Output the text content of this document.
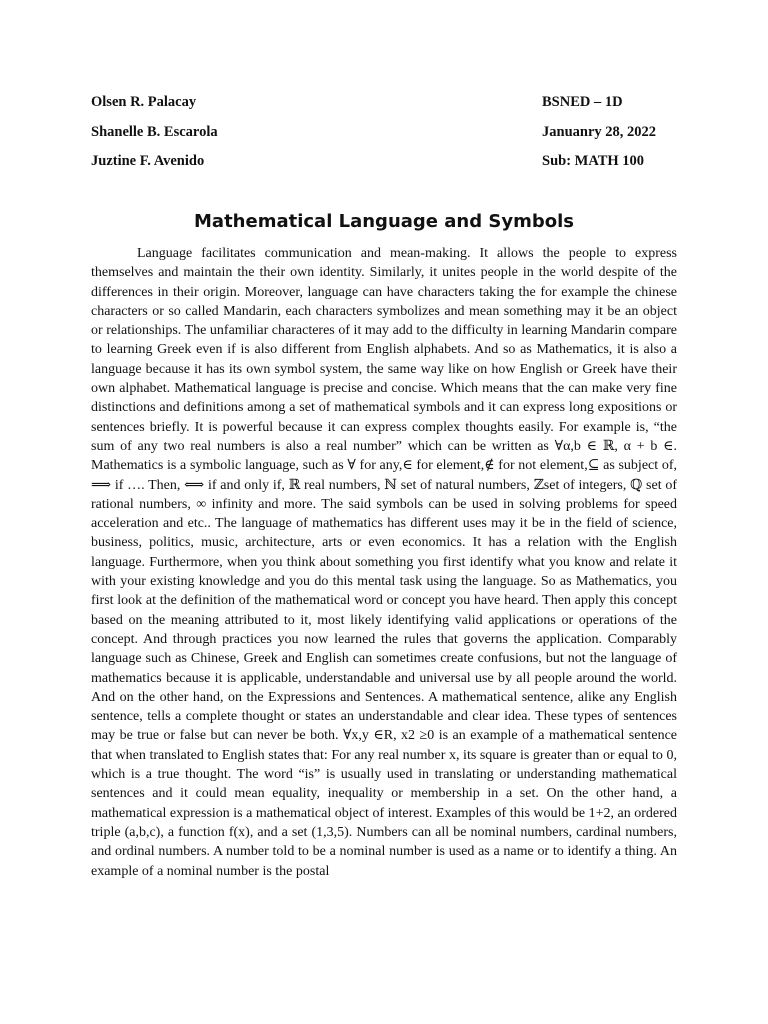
Olsen R. Palacay	BSNED – 1D
Shanelle B. Escarola	Januanry 28, 2022
Juztine F. Avenido	Sub: MATH 100
Mathematical Language and Symbols

Language facilitates communication and mean-making. It allows the people to express themselves and maintain the their own identity. Similarly, it unites people in the world despite of the differences in their origin. Moreover, language can have characters taking the for example the chinese characters or so called Mandarin, each characters symbolizes and mean something may it be an object or relationships. The unfamiliar characteres of it may add to the difficulty in learning Mandarin compare to learning Greek even if is also different from English alphabets. And so as Mathematics, it is also a language because it has its own symbol system, the same way like on how English or Greek have their own alphabet. Mathematical language is precise and concise. Which means that the can make very fine distinctions and definitions among a set of mathematical symbols and it can express long expositions or sentences briefly. It is powerful because it can express complex thoughts easily. For example is, “the sum of any two real numbers is also a real number” which can be written as ∀α,b ∈ ℝ, α + b ∈. Mathematics is a symbolic language, such as ∀ for any,∈ for element,∉ for not element,⊆ as subject of, ⟹ if …. Then, ⟺ if and only if, ℝ real numbers, ℕ set of natural numbers, ℤset of integers, ℚ set of rational numbers, ∞ infinity and more. The said symbols can be used in solving problems for speed acceleration and etc.. The language of mathematics has different uses may it be in the field of science, business, politics, music, architecture, arts or even economics. It has a relation with the English language. Furthermore, when you think about something you first identify what you know and relate it with your existing knowledge and you do this mental task using the language. So as Mathematics, you first look at the definition of the mathematical word or concept you have heard. Then apply this concept based on the meaning attributed to it, most likely identifying valid applications or operations of the concept. And through practices you now learned the rules that governs the application. Comparably language such as Chinese, Greek and English can sometimes create confusions, but not the language of mathematics because it is applicable, understandable and universal use by all people around the world. And on the other hand, on the Expressions and Sentences. A mathematical sentence, alike any English sentence, tells a complete thought or states an understandable and clear idea. These types of sentences may be true or false but can never be both. ∀x,y ∈R, x2 ≥0 is an example of a mathematical sentence that when translated to English states that: For any real number x, its square is greater than or equal to 0, which is a true thought. The word “is” is usually used in translating or understanding mathematical sentences and it could mean equality, inequality or membership in a set. On the other hand, a mathematical expression is a mathematical object of interest. Examples of this would be 1+2, an ordered triple (a,b,c), a function f(x), and a set (1,3,5). Numbers can all be nominal numbers, cardinal numbers, and ordinal numbers. A number told to be a nominal number is used as a name or to identify a thing. An example of a nominal number is the postal
